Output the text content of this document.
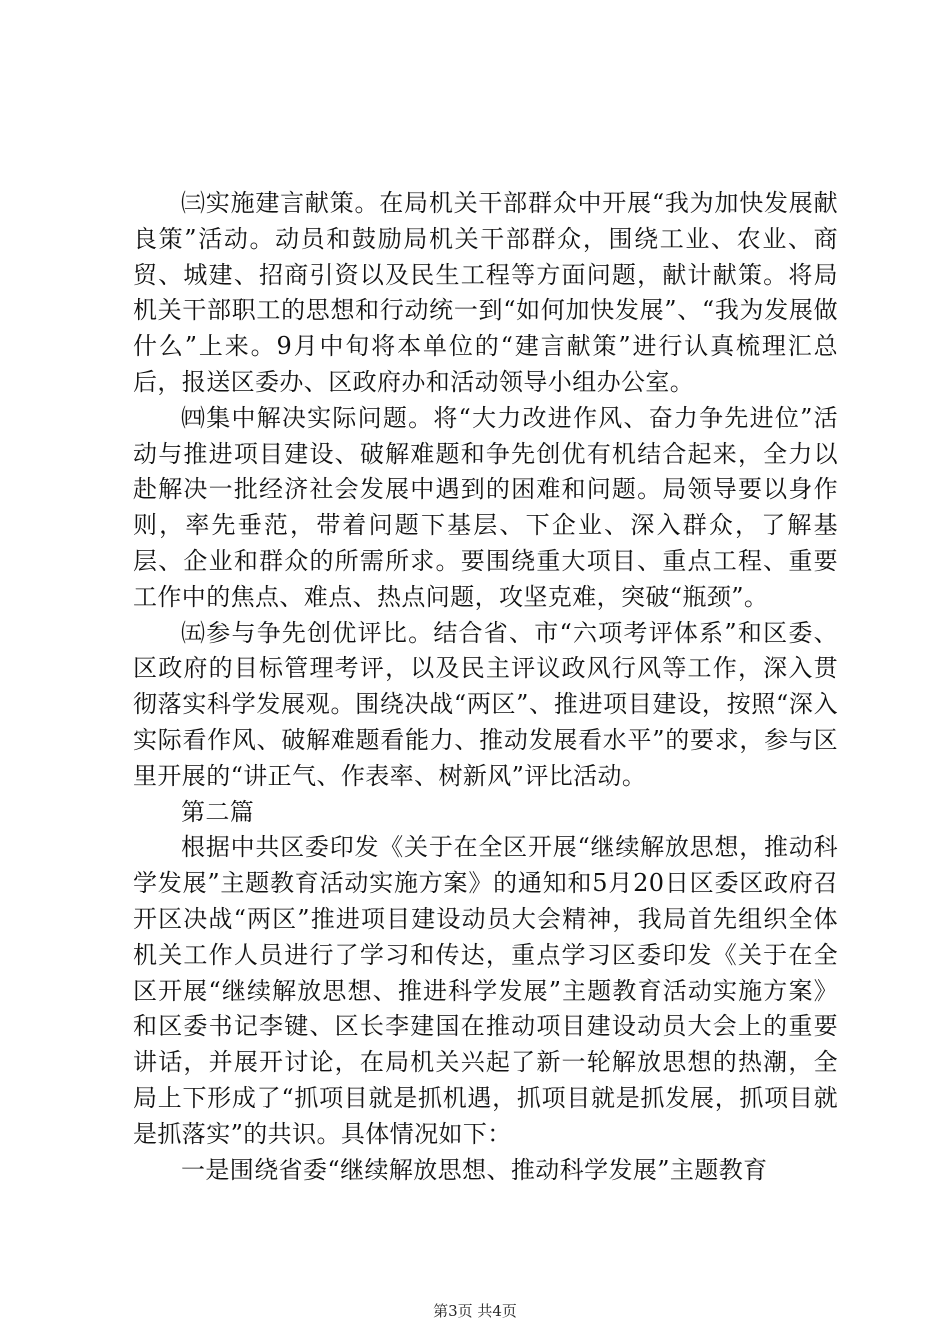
㈢实施建言献策。在局机关干部群众中开展“我为加快发展献良策”活动。动员和鼓励局机关干部群众，围绕工业、农业、商贸、城建、招商引资以及民生工程等方面问题，献计献策。将局机关干部职工的思想和行动统一到“如何加快发展”、“我为发展做什么”上来。9月中旬将本单位的“建言献策”进行认真梳理汇总后，报送区委办、区政府办和活动领导小组办公室。

㈣集中解决实际问题。将“大力改进作风、奋力争先进位”活动与推进项目建设、破解难题和争先创优有机结合起来，全力以赴解决一批经济社会发展中遇到的困难和问题。局领导要以身作则，率先垂范，带着问题下基层、下企业、深入群众，了解基层、企业和群众的所需所求。要围绕重大项目、重点工程、重要工作中的焦点、难点、热点问题，攻坚克难，突破“瓶颈”。

㈤参与争先创优评比。结合省、市“六项考评体系”和区委、区政府的目标管理考评，以及民主评议政风行风等工作，深入贯彻落实科学发展观。围绕决战“两区”、推进项目建设，按照“深入实际看作风、破解难题看能力、推动发展看水平”的要求，参与区里开展的“讲正气、作表率、树新风”评比活动。

第二篇

根据中共区委印发《关于在全区开展“继续解放思想，推动科学发展”主题教育活动实施方案》的通知和5月20日区委区政府召开区决战“两区”推进项目建设动员大会精神，我局首先组织全体机关工作人员进行了学习和传达，重点学习区委印发《关于在全区开展“继续解放思想、推进科学发展”主题教育活动实施方案》和区委书记李键、区长李建国在推动项目建设动员大会上的重要讲话，并展开讨论，在局机关兴起了新一轮解放思想的热潮，全局上下形成了“抓项目就是抓机遇，抓项目就是抓发展，抓项目就是抓落实”的共识。具体情况如下：

一是围绕省委“继续解放思想、推动科学发展”主题教育

第3页 共4页
